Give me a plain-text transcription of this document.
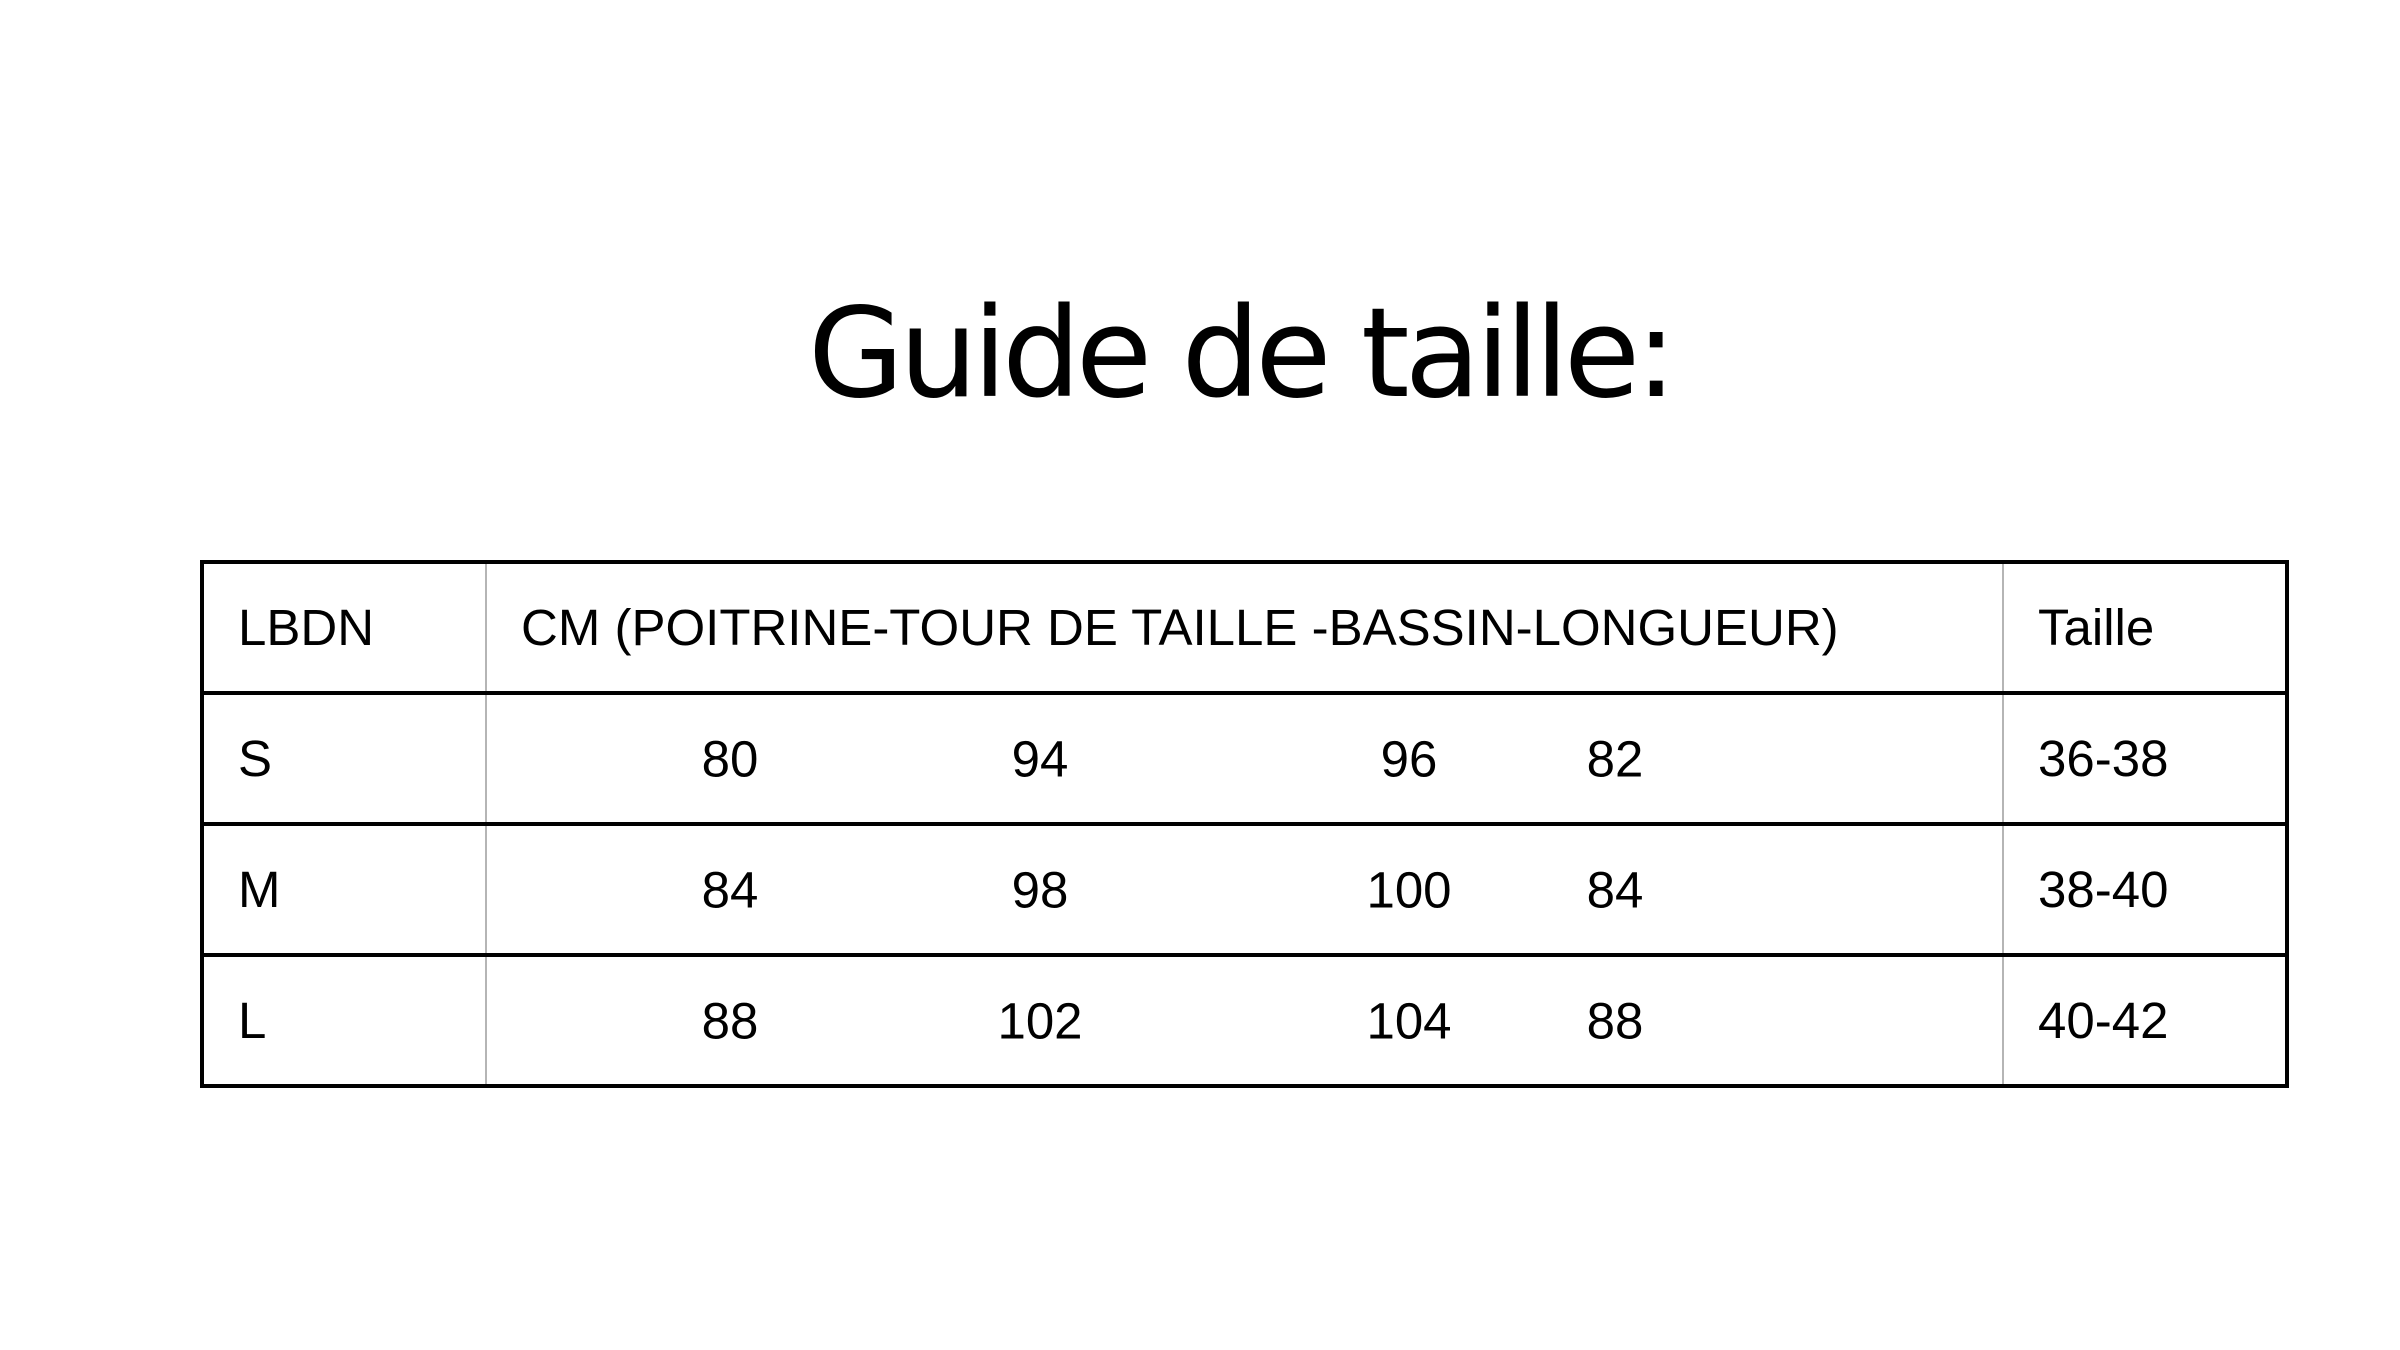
Guide de taille:
LBDN	CM (POITRINE-TOUR DE TAILLE -BASSIN-LONGUEUR)	Taille

S	80 94 96 82	36-38

M	84 98 100 84	38-40

L	88 102 104 88	40-42
